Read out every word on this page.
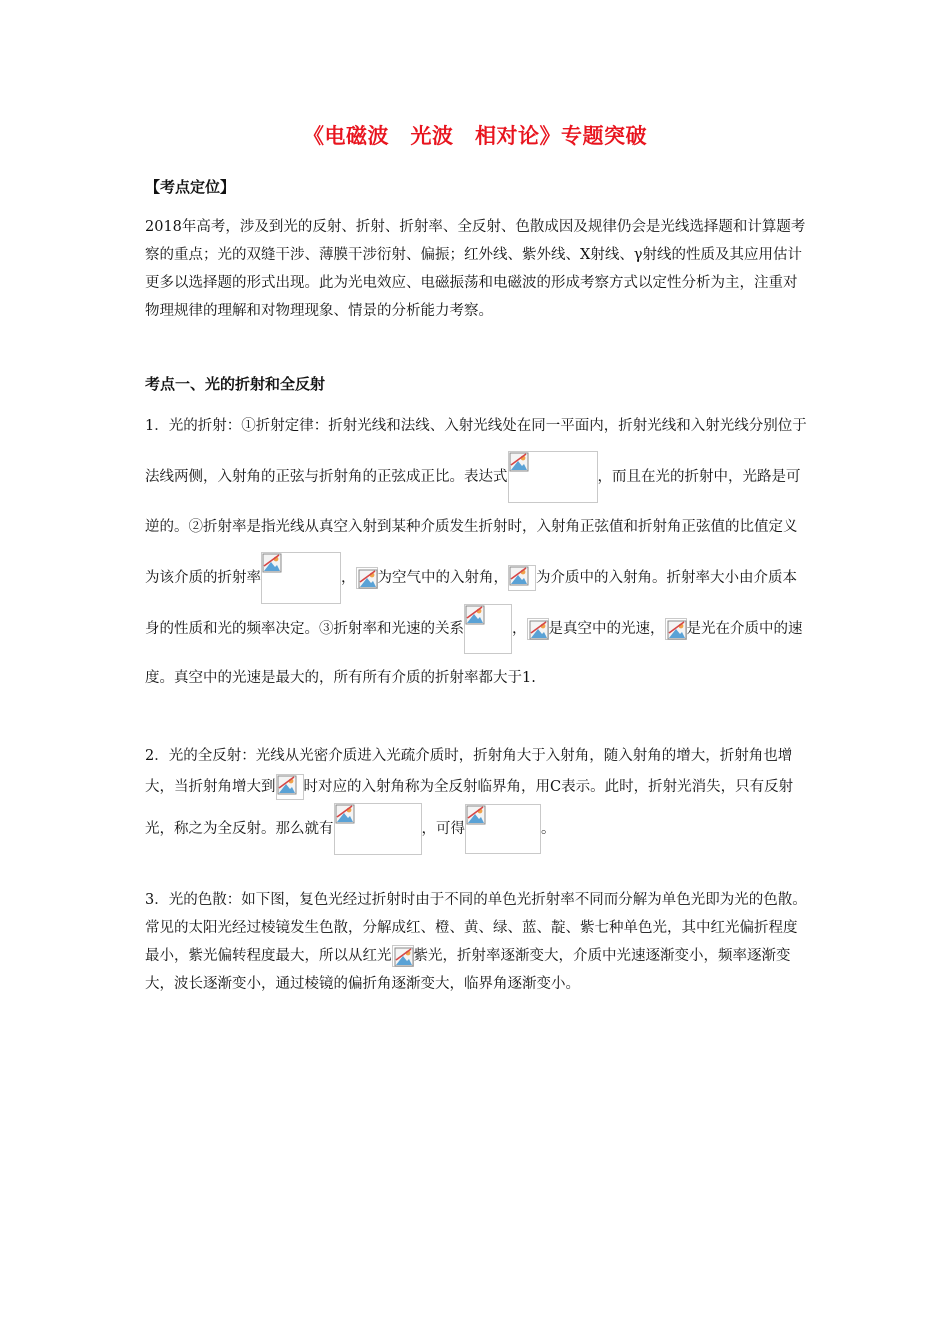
《电磁波　光波　相对论》专题突破
【考点定位】
2018年高考，涉及到光的反射、折射、折射率、全反射、色散成因及规律仍会是光线选择题和计算题考察的重点；光的双缝干涉、薄膜干涉衍射、偏振；红外线、紫外线、X射线、γ射线的性质及其应用估计更多以选择题的形式出现。此为光电效应、电磁振荡和电磁波的形成考察方式以定性分析为主，注重对物理规律的理解和对物理现象、情景的分析能力考察。
考点一、光的折射和全反射
1．光的折射：①折射定律：折射光线和法线、入射光线处在同一平面内，折射光线和入射光线分别位于法线两侧，入射角的正弦与折射角的正弦成正比。表达式	，而且在光的折射中，光路是可逆的。②折射率是指光线从真空入射到某种介质发生折射时，入射角正弦值和折射角正弦值的比值定义为该介质的折射率	， 为空气中的入射角， 为介质中的入射角。折射率大小由介质本身的性质和光的频率决定。③折射率和光速的关系	， 是真空中的光速， 是光在介质中的速度。真空中的光速是最大的，所有所有介质的折射率都大于1.
2．光的全反射：光线从光密介质进入光疏介质时，折射角大于入射角，随入射角的增大，折射角也增大，当折射角增大到 时对应的入射角称为全反射临界角，用C表示。此时，折射光消失，只有反射光，称之为全反射。那么就有	，可得	。
3．光的色散：如下图，复色光经过折射时由于不同的单色光折射率不同而分解为单色光即为光的色散。常见的太阳光经过棱镜发生色散，分解成红、橙、黄、绿、蓝、靛、紫七种单色光，其中红光偏折程度最小，紫光偏转程度最大，所以从红光 紫光，折射率逐渐变大，介质中光速逐渐变小，频率逐渐变大，波长逐渐变小，通过棱镜的偏折角逐渐变大，临界角逐渐变小。
